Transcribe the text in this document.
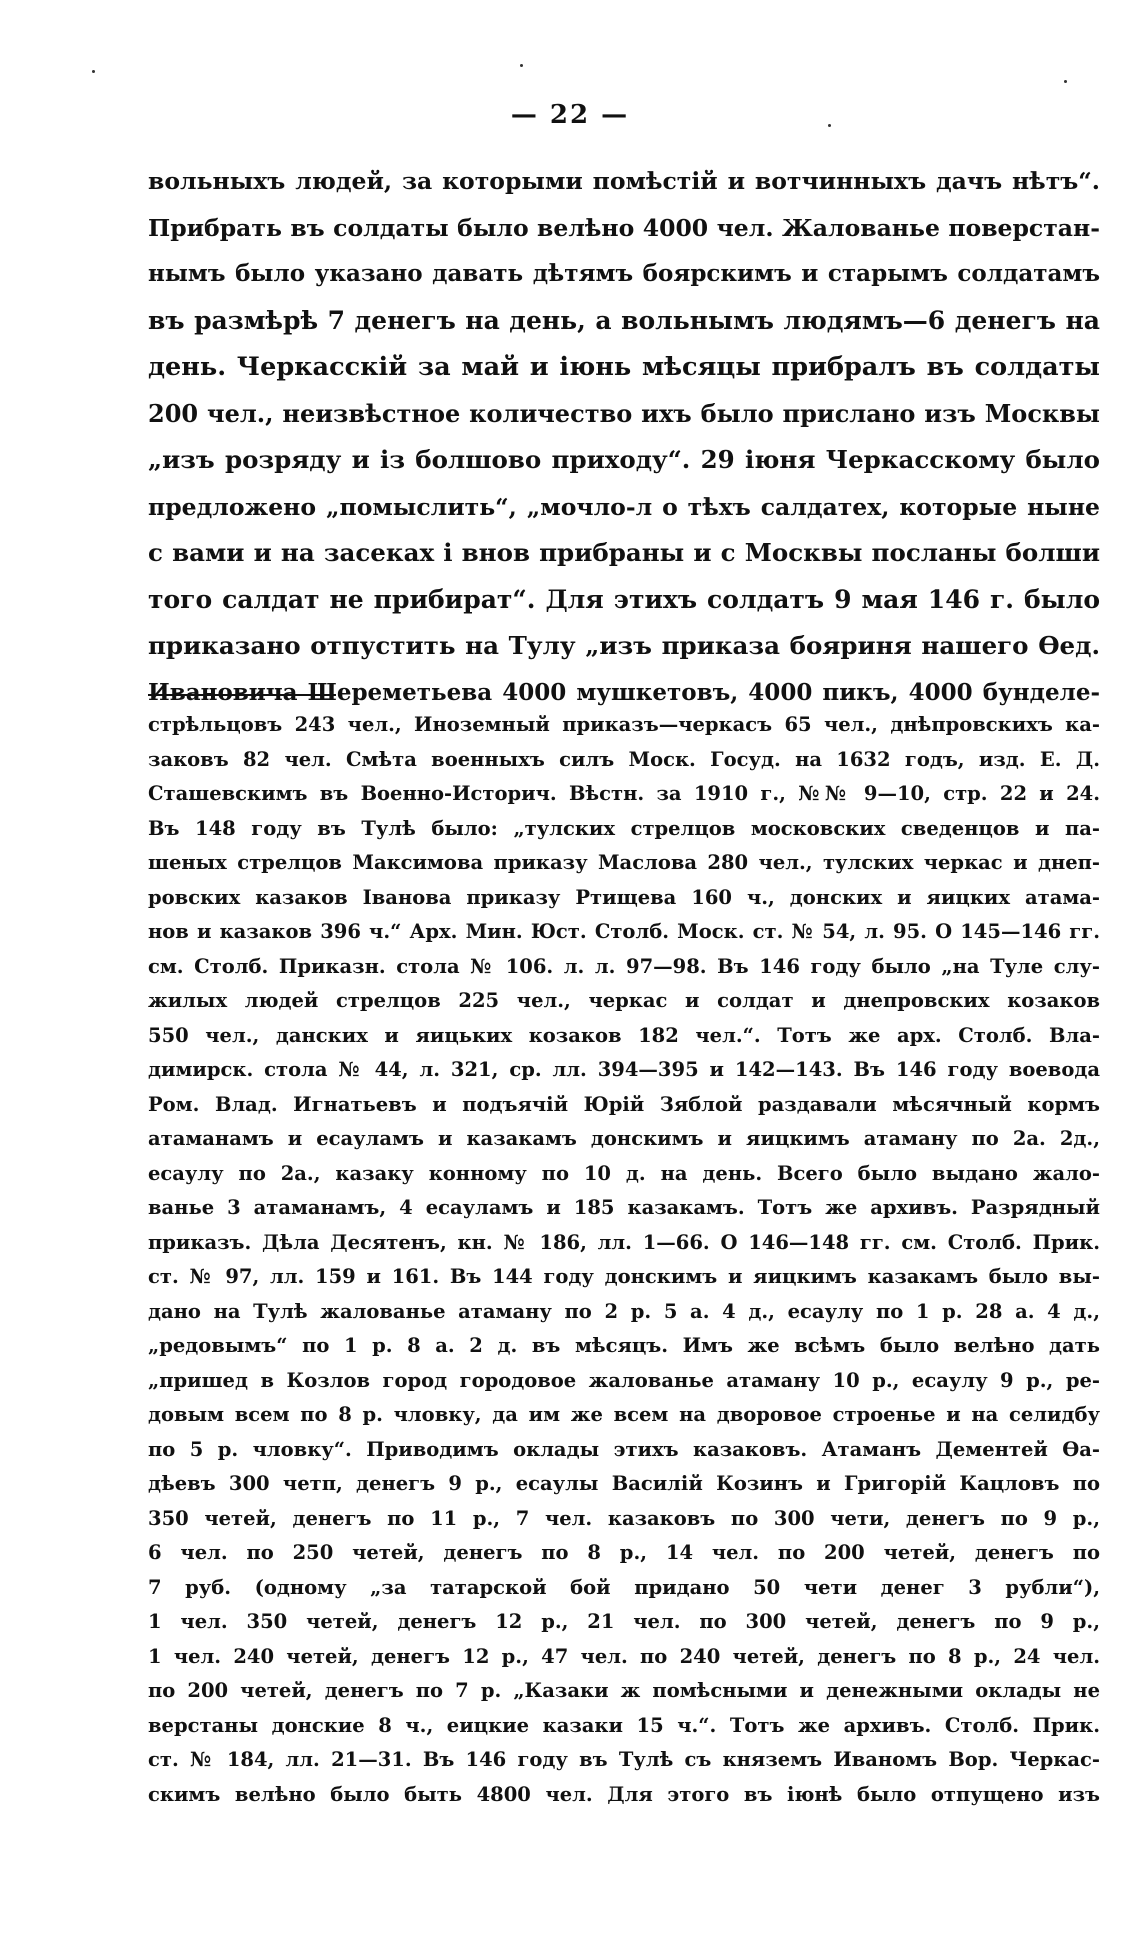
— 22 —
вольныхъ людей, за которыми помѣстій и вотчинныхъ дачъ нѣтъ“.
Прибрать въ солдаты было велѣно 4000 чел. Жалованье поверстан-
нымъ было указано давать дѣтямъ боярскимъ и старымъ солдатамъ
въ размѣрѣ 7 денегъ на день, а вольнымъ людямъ—6 денегъ на
день. Черкасскій за май и іюнь мѣсяцы прибралъ въ солдаты
200 чел., неизвѣстное количество ихъ было прислано изъ Москвы
„изъ розряду и із болшово приходу“. 29 іюня Черкасскому было
предложено „помыслить“, „мочло-л о тѣхъ салдатех, которые ныне
с вами и на засеках і внов прибраны и с Москвы посланы болши
того салдат не прибират“. Для этихъ солдатъ 9 мая 146 г. было
приказано отпустить на Тулу „изъ приказа бояриня нашего Ѳед.
Ивановича Шереметьева 4000 мушкетовъ, 4000 пикъ, 4000 бунделе-
стрѣльцовъ 243 чел., Иноземный приказъ—черкасъ 65 чел., днѣпровскихъ ка-
заковъ 82 чел. Смѣта военныхъ силъ Моск. Госуд. на 1632 годъ, изд. Е. Д.
Сташевскимъ въ Военно-Историч. Вѣстн. за 1910 г., №№ 9—10, стр. 22 и 24.
Въ 148 году въ Тулѣ было: „тулских стрелцов московских сведенцов и па-
шеных стрелцов Максимова приказу Маслова 280 чел., тулских черкас и днеп-
ровских казаков Іванова приказу Ртищева 160 ч., донских и яицких атама-
нов и казаков 396 ч.“ Арх. Мин. Юст. Столб. Моск. ст. № 54, л. 95. О 145—146 гг.
см. Столб. Приказн. стола № 106. л. л. 97—98. Въ 146 году было „на Туле слу-
жилых людей стрелцов 225 чел., черкас и солдат и днепровских козаков
550 чел., данских и яицьких козаков 182 чел.“. Тотъ же арх. Столб. Вла-
димирск. стола № 44, л. 321, ср. лл. 394—395 и 142—143. Въ 146 году воевода
Ром. Влад. Игнатьевъ и подъячій Юрій Зяблой раздавали мѣсячный кормъ
атаманамъ и есауламъ и казакамъ донскимъ и яицкимъ атаману по 2а. 2д.,
есаулу по 2а., казаку конному по 10 д. на день. Всего было выдано жало-
ванье 3 атаманамъ, 4 есауламъ и 185 казакамъ. Тотъ же архивъ. Разрядный
приказъ. Дѣла Десятенъ, кн. № 186, лл. 1—66. О 146—148 гг. см. Столб. Прик.
ст. № 97, лл. 159 и 161. Въ 144 году донскимъ и яицкимъ казакамъ было вы-
дано на Тулѣ жалованье атаману по 2 р. 5 а. 4 д., есаулу по 1 р. 28 а. 4 д.,
„редовымъ“ по 1 р. 8 а. 2 д. въ мѣсяцъ. Имъ же всѣмъ было велѣно дать
„пришед в Козлов город городовое жалованье атаману 10 р., есаулу 9 р., ре-
довым всем по 8 р. чловку, да им же всем на дворовое строенье и на селидбу
по 5 р. чловку“. Приводимъ оклады этихъ казаковъ. Атаманъ Дементей Ѳа-
дѣевъ 300 четп, денегъ 9 р., есаулы Василій Козинъ и Григорій Кацловъ по
350 четей, денегъ по 11 р., 7 чел. казаковъ по 300 чети, денегъ по 9 р.,
6 чел. по 250 четей, денегъ по 8 р., 14 чел. по 200 четей, денегъ по
7 руб. (одному „за татарской бой придано 50 чети денег 3 рубли“),
1 чел. 350 четей, денегъ 12 р., 21 чел. по 300 четей, денегъ по 9 р.,
1 чел. 240 четей, денегъ 12 р., 47 чел. по 240 четей, денегъ по 8 р., 24 чел.
по 200 четей, денегъ по 7 р. „Казаки ж помѣсными и денежными оклады не
верстаны донские 8 ч., еицкие казаки 15 ч.“. Тотъ же архивъ. Столб. Прик.
ст. № 184, лл. 21—31. Въ 146 году въ Тулѣ съ княземъ Иваномъ Вор. Черкас-
скимъ велѣно было быть 4800 чел. Для этого въ іюнѣ было отпущено изъ
